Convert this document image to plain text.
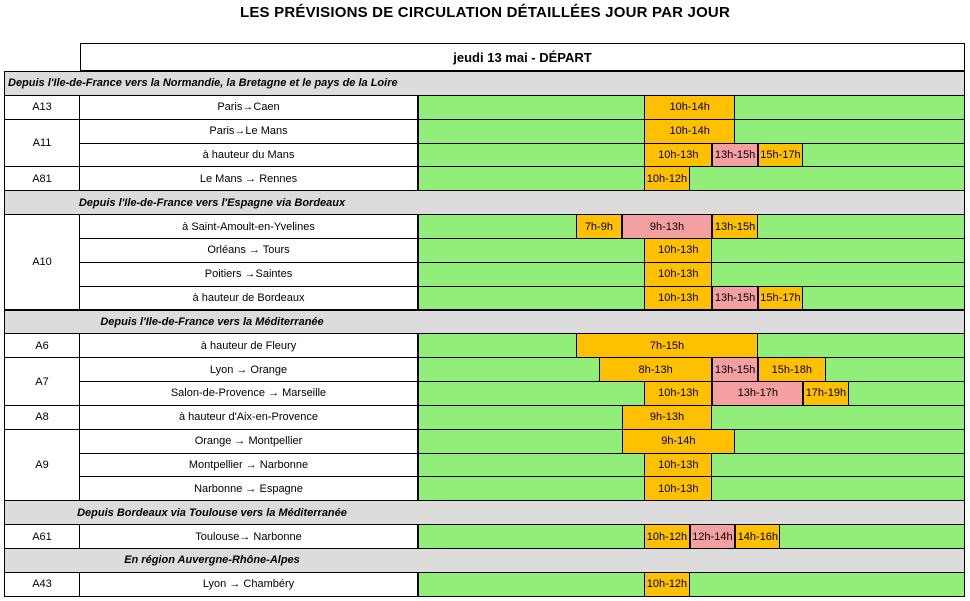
LES PRÉVISIONS DE CIRCULATION DÉTAILLÉES JOUR PAR JOUR
jeudi 13 mai - DÉPART
Depuis l'Ile-de-France vers la Normandie, la Bretagne et le pays de la Loire
A13	Paris→Caen	10h-14h
A11
Paris→Le Mans	10h-14h
à hauteur du Mans	10h-13h	13h-15h 15h-17h
A81	Le Mans → Rennes	10h-12h
Depuis l'Ile-de-France vers l'Espagne via Bordeaux
A10
à Saint-Amoult-en-Yvelines	7h-9h	9h-13h	13h-15h
Orléans → Tours	10h-13h
Poitiers →Saintes	10h-13h
à hauteur de Bordeaux	10h-13h	13h-15h 15h-17h
Depuis l'Ile-de-France vers la Méditerranée
A6	à hauteur de Fleury	7h-15h
A7
Lyon → Orange	8h-13h	13h-15h	15h-18h
Salon-de-Provence → Marseille	10h-13h	13h-17h	17h-19h
A8	à hauteur d'Aix-en-Provence	9h-13h
A9
Orange → Montpellier	9h-14h
Montpellier → Narbonne	10h-13h
Narbonne → Espagne	10h-13h
Depuis Bordeaux via Toulouse vers la Méditerranée
A61	Toulouse→ Narbonne	10h-12h 12h-14h 14h-16h
En région Auvergne-Rhône-Alpes
A43	Lyon → Chambéry	10h-12h
